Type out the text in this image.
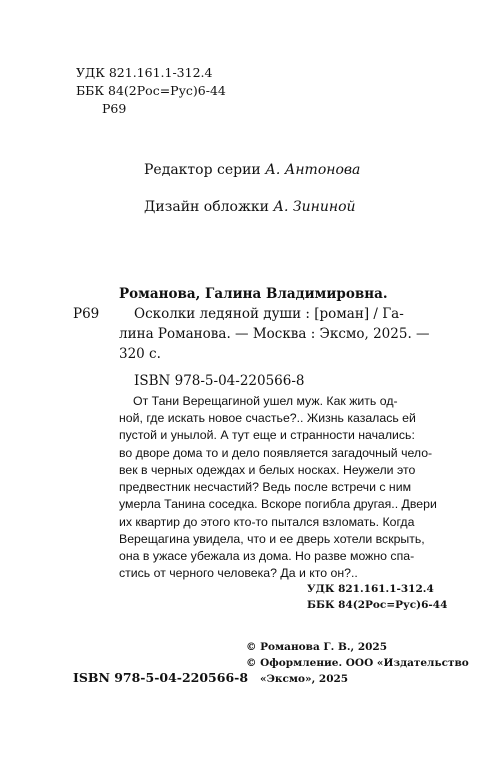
УДК 821.161.1-312.4
ББК 84(2Рос=Рус)6-44
Р69
Редактор серии А. Антонова
Дизайн обложки А. Зининой
Романова, Галина Владимировна.
Р69	Осколки ледяной души : [роман] / Га-
лина Романова. — Москва : Эксмо, 2025. —
320 с.
ISBN 978-5-04-220566-8
От Тани Верещагиной ушел муж. Как жить од-
ной, где искать новое счастье?.. Жизнь казалась ей
пустой и унылой. А тут еще и странности начались:
во дворе дома то и дело появляется загадочный чело-
век в черных одеждах и белых носках. Неужели это
предвестник несчастий? Ведь после встречи с ним
умерла Танина соседка. Вскоре погибла другая.. Двери
их квартир до этого кто-то пытался взломать. Когда
Верещагина увидела, что и ее дверь хотели вскрыть,
она в ужасе убежала из дома. Но разве можно спа-
стись от черного человека? Да и кто он?..
УДК 821.161.1-312.4
ББК 84(2Рос=Рус)6-44
© Романова Г. В., 2025
© Оформление. ООО «Издательство
«Эксмо», 2025
ISBN 978-5-04-220566-8
